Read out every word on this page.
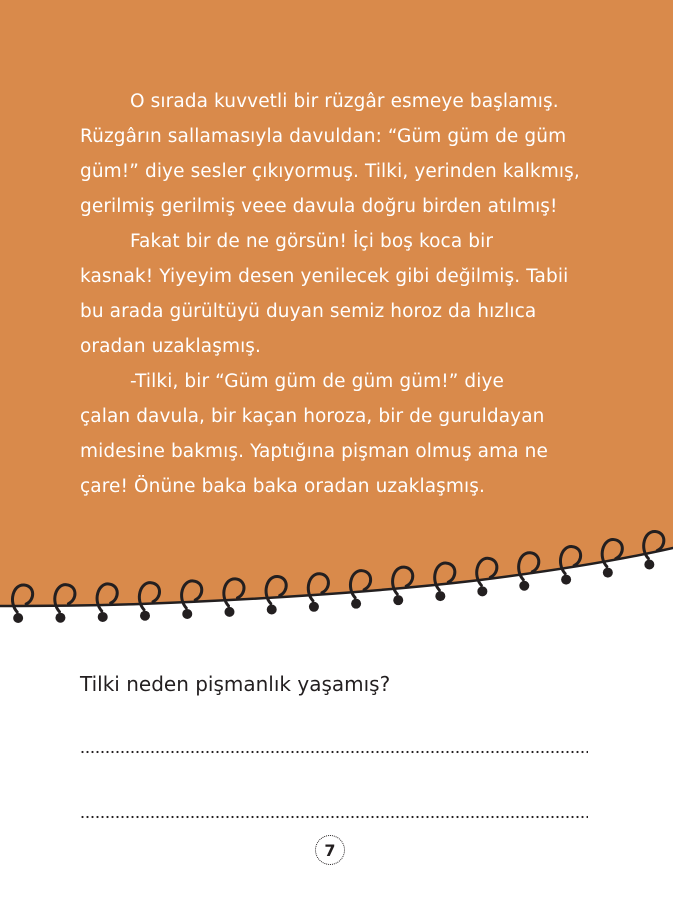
O sırada kuvvetli bir rüzgâr esmeye başlamış.
Rüzgârın sallamasıyla davuldan: “Güm güm de güm
güm!” diye sesler çıkıyormuş. Tilki, yerinden kalkmış,
gerilmiş gerilmiş veee davula doğru birden atılmış!
Fakat bir de ne görsün! İçi boş koca bir
kasnak! Yiyeyim desen yenilecek gibi değilmiş. Tabii
bu arada gürültüyü duyan semiz horoz da hızlıca
oradan uzaklaşmış.
-Tilki, bir “Güm güm de güm güm!” diye
çalan davula, bir kaçan horoza, bir de guruldayan
midesine bakmış. Yaptığına pişman olmuş ama ne
çare! Önüne baka baka oradan uzaklaşmış.
Tilki neden pişmanlık yaşamış?
7
